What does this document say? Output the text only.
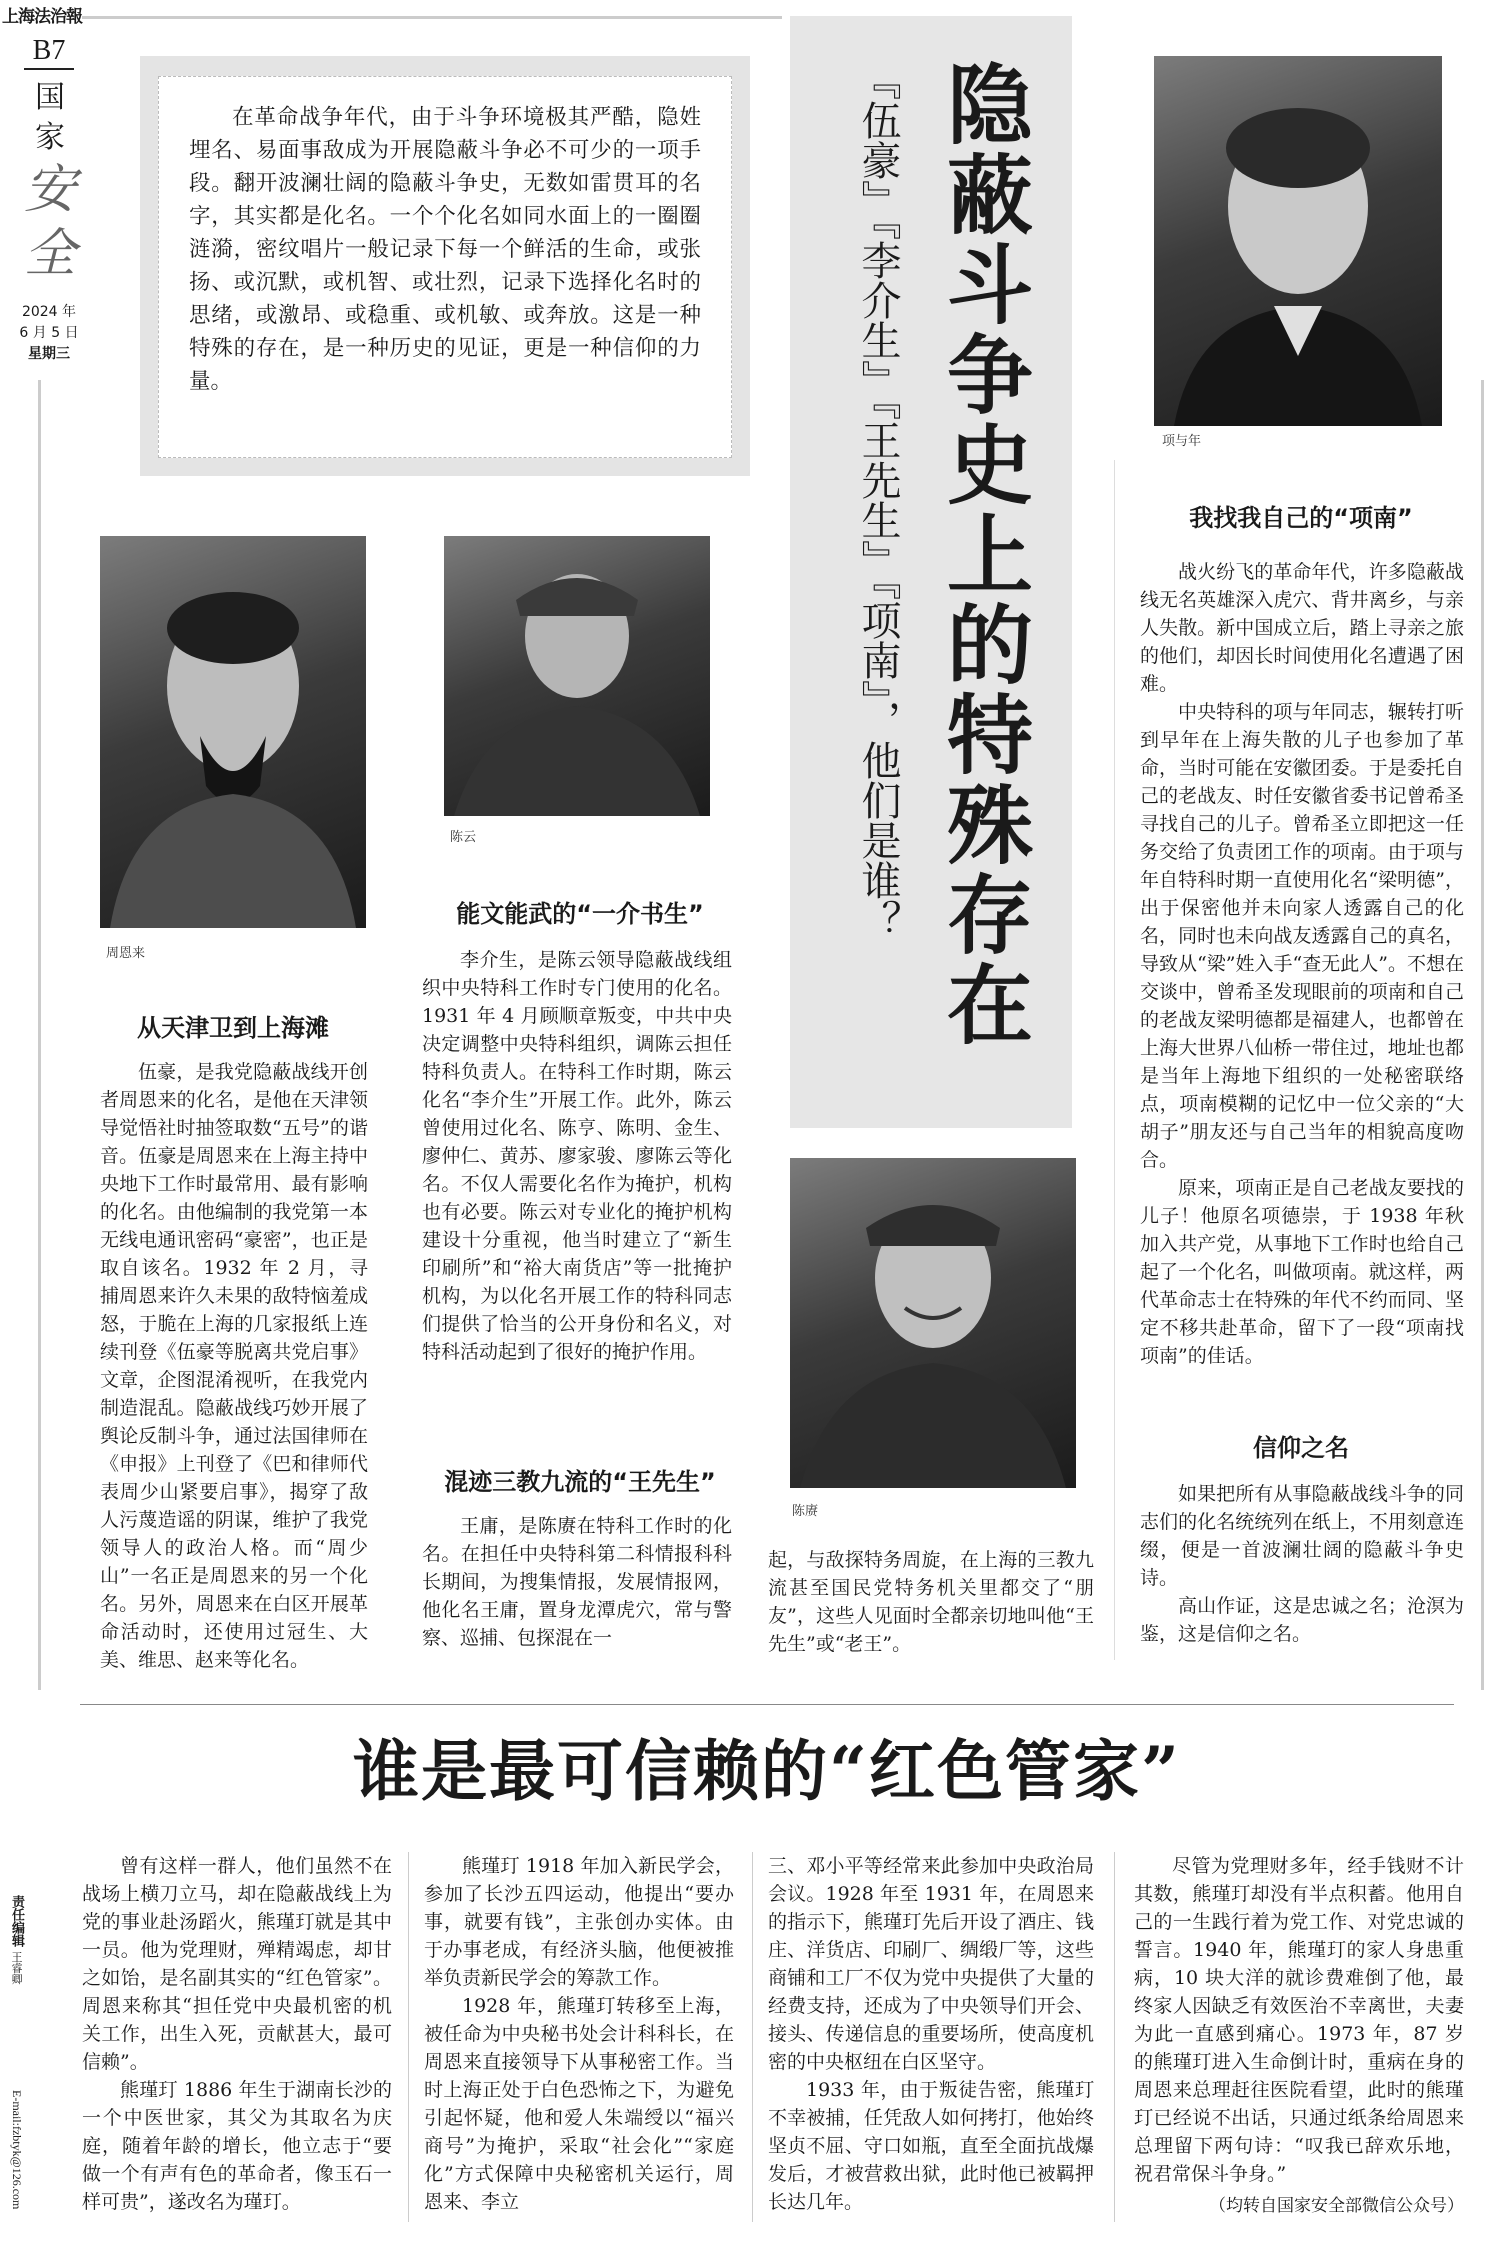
上海法治報
B7
国
家
安
全
2024 年
6 月 5 日
星期三
责任编辑 王睿卿
E-mail:fzbtyk@126.com

在革命战争年代，由于斗争环境极其严酷，隐姓埋名、易面事敌成为开展隐蔽斗争必不可少的一项手段。翻开波澜壮阔的隐蔽斗争史，无数如雷贯耳的名字，其实都是化名。一个个化名如同水面上的一圈圈涟漪，密纹唱片一般记录下每一个鲜活的生命，或张扬、或沉默，或机智、或壮烈，记录下选择化名时的思绪，或激昂、或稳重、或机敏、或奔放。这是一种特殊的存在，是一种历史的见证，更是一种信仰的力量。	隐蔽斗争史上的特殊存在
『伍豪』『李介生』『王先生』『项南』，他们是谁？
项与年
周恩来
陈云
陈赓
从天津卫到上海滩

伍豪，是我党隐蔽战线开创者周恩来的化名，是他在天津领导觉悟社时抽签取数“五号”的谐音。伍豪是周恩来在上海主持中央地下工作时最常用、最有影响的化名。由他编制的我党第一本无线电通讯密码“豪密”，也正是取自该名。1932 年 2 月，寻捕周恩来许久未果的敌特恼羞成怒，于脆在上海的几家报纸上连续刊登《伍豪等脱离共党启事》文章，企图混淆视听，在我党内制造混乱。隐蔽战线巧妙开展了舆论反制斗争，通过法国律师在《申报》上刊登了《巴和律师代表周少山紧要启事》，揭穿了敌人污蔑造谣的阴谋，维护了我党领导人的政治人格。而“周少山”一名正是周恩来的另一个化名。另外，周恩来在白区开展革命活动时，还使用过冠生、大美、维思、赵来等化名。

能文能武的“一介书生”

李介生，是陈云领导隐蔽战线组织中央特科工作时专门使用的化名。1931 年 4 月顾顺章叛变，中共中央决定调整中央特科组织，调陈云担任特科负责人。在特科工作时期，陈云化名“李介生”开展工作。此外，陈云曾使用过化名、陈亨、陈明、金生、廖仲仁、黄苏、廖家骏、廖陈云等化名。不仅人需要化名作为掩护，机构也有必要。陈云对专业化的掩护机构建设十分重视，他当时建立了“新生印刷所”和“裕大南货店”等一批掩护机构，为以化名开展工作的特科同志们提供了恰当的公开身份和名义，对特科活动起到了很好的掩护作用。

混迹三教九流的“王先生”

王庸，是陈赓在特科工作时的化名。在担任中央特科第二科情报科科长期间，为搜集情报，发展情报网，他化名王庸，置身龙潭虎穴，常与警察、巡捕、包探混在一

起，与敌探特务周旋，在上海的三教九流甚至国民党特务机关里都交了“朋友”，这些人见面时全都亲切地叫他“王先生”或“老王”。

我找我自己的“项南”

战火纷飞的革命年代，许多隐蔽战线无名英雄深入虎穴、背井离乡，与亲人失散。新中国成立后，踏上寻亲之旅的他们，却因长时间使用化名遭遇了困难。

中央特科的项与年同志，辗转打听到早年在上海失散的儿子也参加了革命，当时可能在安徽团委。于是委托自己的老战友、时任安徽省委书记曾希圣寻找自己的儿子。曾希圣立即把这一任务交给了负责团工作的项南。由于项与年自特科时期一直使用化名“梁明德”，出于保密他并未向家人透露自己的化名，同时也未向战友透露自己的真名，导致从“梁”姓入手“查无此人”。不想在交谈中，曾希圣发现眼前的项南和自己的老战友梁明德都是福建人，也都曾在上海大世界八仙桥一带住过，地址也都是当年上海地下组织的一处秘密联络点，项南模糊的记忆中一位父亲的“大胡子”朋友还与自己当年的相貌高度吻合。

原来，项南正是自己老战友要找的儿子！他原名项德崇，于 1938 年秋加入共产党，从事地下工作时也给自己起了一个化名，叫做项南。就这样，两代革命志士在特殊的年代不约而同、坚定不移共赴革命，留下了一段“项南找项南”的佳话。

信仰之名

如果把所有从事隐蔽战线斗争的同志们的化名统统列在纸上，不用刻意连缀，便是一首波澜壮阔的隐蔽斗争史诗。

高山作证，这是忠诚之名；沧溟为鉴，这是信仰之名。

谁是最可信赖的“红色管家”

曾有这样一群人，他们虽然不在战场上横刀立马，却在隐蔽战线上为党的事业赴汤蹈火，熊瑾玎就是其中一员。他为党理财，殚精竭虑，却甘之如饴，是名副其实的“红色管家”。周恩来称其“担任党中央最机密的机关工作，出生入死，贡献甚大，最可信赖”。

熊瑾玎 1886 年生于湖南长沙的一个中医世家，其父为其取名为庆庭，随着年龄的增长，他立志于“要做一个有声有色的革命者，像玉石一样可贵”，遂改名为瑾玎。

熊瑾玎 1918 年加入新民学会，参加了长沙五四运动，他提出“要办事，就要有钱”，主张创办实体。由于办事老成，有经济头脑，他便被推举负责新民学会的筹款工作。

1928 年，熊瑾玎转移至上海，被任命为中央秘书处会计科科长，在周恩来直接领导下从事秘密工作。当时上海正处于白色恐怖之下，为避免引起怀疑，他和爱人朱端绶以“福兴商号”为掩护，采取“社会化”“家庭化”方式保障中央秘密机关运行，周恩来、李立

三、邓小平等经常来此参加中央政治局会议。1928 年至 1931 年，在周恩来的指示下，熊瑾玎先后开设了酒庄、钱庄、洋货店、印刷厂、绸缎厂等，这些商铺和工厂不仅为党中央提供了大量的经费支持，还成为了中央领导们开会、接头、传递信息的重要场所，使高度机密的中央枢纽在白区坚守。

1933 年，由于叛徒告密，熊瑾玎不幸被捕，任凭敌人如何拷打，他始终坚贞不屈、守口如瓶，直至全面抗战爆发后，才被营救出狱，此时他已被羁押长达几年。

尽管为党理财多年，经手钱财不计其数，熊瑾玎却没有半点积蓄。他用自己的一生践行着为党工作、对党忠诚的誓言。1940 年，熊瑾玎的家人身患重病，10 块大洋的就诊费难倒了他，最终家人因缺乏有效医治不幸离世，夫妻为此一直感到痛心。1973 年，87 岁的熊瑾玎进入生命倒计时，重病在身的周恩来总理赶往医院看望，此时的熊瑾玎已经说不出话，只通过纸条给周恩来总理留下两句诗：“叹我已辞欢乐地，祝君常保斗争身。”

（均转自国家安全部微信公众号）
